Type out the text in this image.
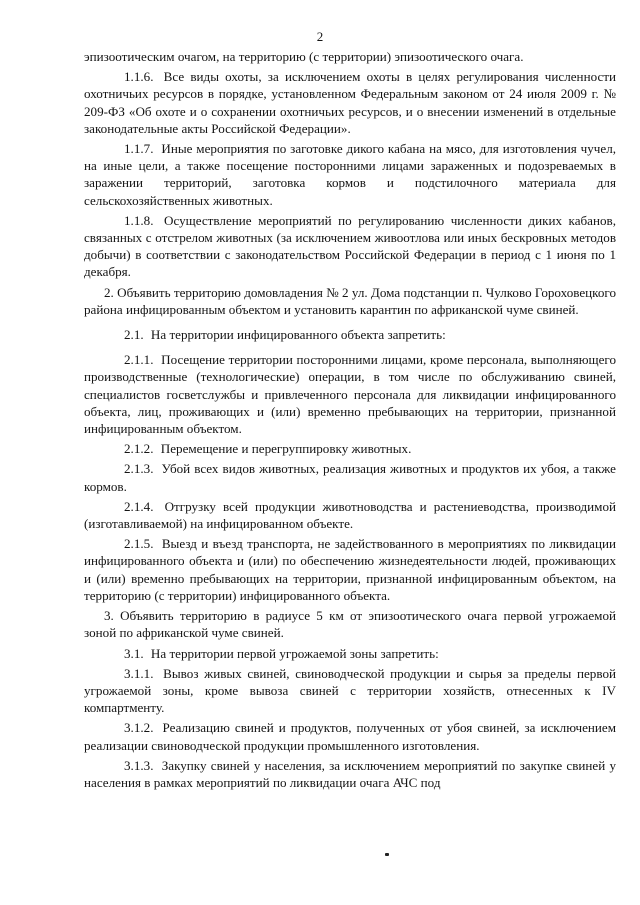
2

эпизоотическим очагом, на территорию (с территории) эпизоотического очага.

1.1.6. Все виды охоты, за исключением охоты в целях регулирования численности охотничьих ресурсов в порядке, установленном Федеральным законом от 24 июля 2009 г. № 209-ФЗ «Об охоте и о сохранении охотничьих ресурсов, и о внесении изменений в отдельные законодательные акты Российской Федерации».

1.1.7. Иные мероприятия по заготовке дикого кабана на мясо, для изготовления чучел, на иные цели, а также посещение посторонними лицами зараженных и подозреваемых в заражении территорий, заготовка кормов и подстилочного материала для сельскохозяйственных животных.

1.1.8. Осуществление мероприятий по регулированию численности диких кабанов, связанных с отстрелом животных (за исключением живоотлова или иных бескровных методов добычи) в соответствии с законодательством Российской Федерации в период с 1 июня по 1 декабря.

2. Объявить территорию домовладения № 2 ул. Дома подстанции п. Чулково Гороховецкого района инфицированным объектом и установить карантин по африканской чуме свиней.

2.1. На территории инфицированного объекта запретить:

2.1.1. Посещение территории посторонними лицами, кроме персонала, выполняющего производственные (технологические) операции, в том числе по обслуживанию свиней, специалистов госветслужбы и привлеченного персонала для ликвидации инфицированного объекта, лиц, проживающих и (или) временно пребывающих на территории, признанной инфицированным объектом.

2.1.2. Перемещение и перегруппировку животных.

2.1.3. Убой всех видов животных, реализация животных и продуктов их убоя, а также кормов.

2.1.4. Отгрузку всей продукции животноводства и растениеводства, производимой (изготавливаемой) на инфицированном объекте.

2.1.5. Выезд и въезд транспорта, не задействованного в мероприятиях по ликвидации инфицированного объекта и (или) по обеспечению жизнедеятельности людей, проживающих и (или) временно пребывающих на территории, признанной инфицированным объектом, на территорию (с территории) инфицированного объекта.

3. Объявить территорию в радиусе 5 км от эпизоотического очага первой угрожаемой зоной по африканской чуме свиней.

3.1. На территории первой угрожаемой зоны запретить:

3.1.1. Вывоз живых свиней, свиноводческой продукции и сырья за пределы первой угрожаемой зоны, кроме вывоза свиней с территории хозяйств, отнесенных к IV компартменту.

3.1.2. Реализацию свиней и продуктов, полученных от убоя свиней, за исключением реализации свиноводческой продукции промышленного изготовления.

3.1.3. Закупку свиней у населения, за исключением мероприятий по закупке свиней у населения в рамках мероприятий по ликвидации очага АЧС под
